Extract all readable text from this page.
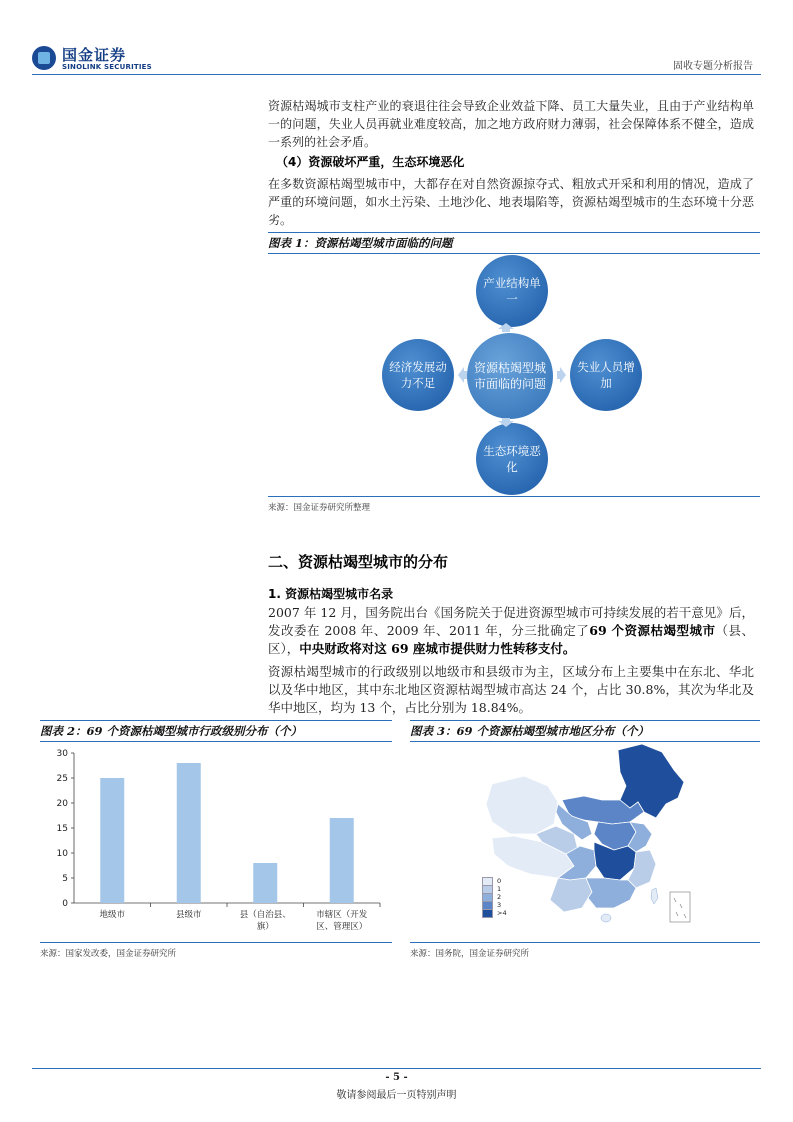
国金证券
SINOLINK SECURITIES	固收专题分析报告

资源枯竭城市支柱产业的衰退往往会导致企业效益下降、员工大量失业，且由于产业结构单一的问题，失业人员再就业难度较高，加之地方政府财力薄弱，社会保障体系不健全，造成一系列的社会矛盾。

（4）资源破坏严重，生态环境恶化

在多数资源枯竭型城市中，大都存在对自然资源掠夺式、粗放式开采和利用的情况，造成了严重的环境问题，如水土污染、土地沙化、地表塌陷等，资源枯竭型城市的生态环境十分恶劣。

图表 1：资源枯竭型城市面临的问题
资源枯竭型城市面临的问题
产业结构单一
失业人员增加
生态环境恶化
经济发展动力不足
来源：国金证券研究所整理
二、资源枯竭型城市的分布
1. 资源枯竭型城市名录

2007 年 12 月，国务院出台《国务院关于促进资源型城市可持续发展的若干意见》后，发改委在 2008 年、2009 年、2011 年，分三批确定了69 个资源枯竭型城市（县、区），中央财政将对这 69 座城市提供财力性转移支付。

资源枯竭型城市的行政级别以地级市和县级市为主，区域分布上主要集中在东北、华北以及华中地区，其中东北地区资源枯竭型城市高达 24 个，占比 30.8%，其次为华北及华中地区，均为 13 个，占比分别为 18.84%。

图表 2：69 个资源枯竭型城市行政级别分布（个）
0
5
10
15
20
25
30
地级市	县级市	县（自治县、
旗）
市辖区（开发
区、管理区）
来源：国家发改委，国金证券研究所
图表 3：69 个资源枯竭型城市地区分布（个）
0
1
2
3
>4
来源：国务院，国金证券研究所
- 5 -
敬请参阅最后一页特别声明
